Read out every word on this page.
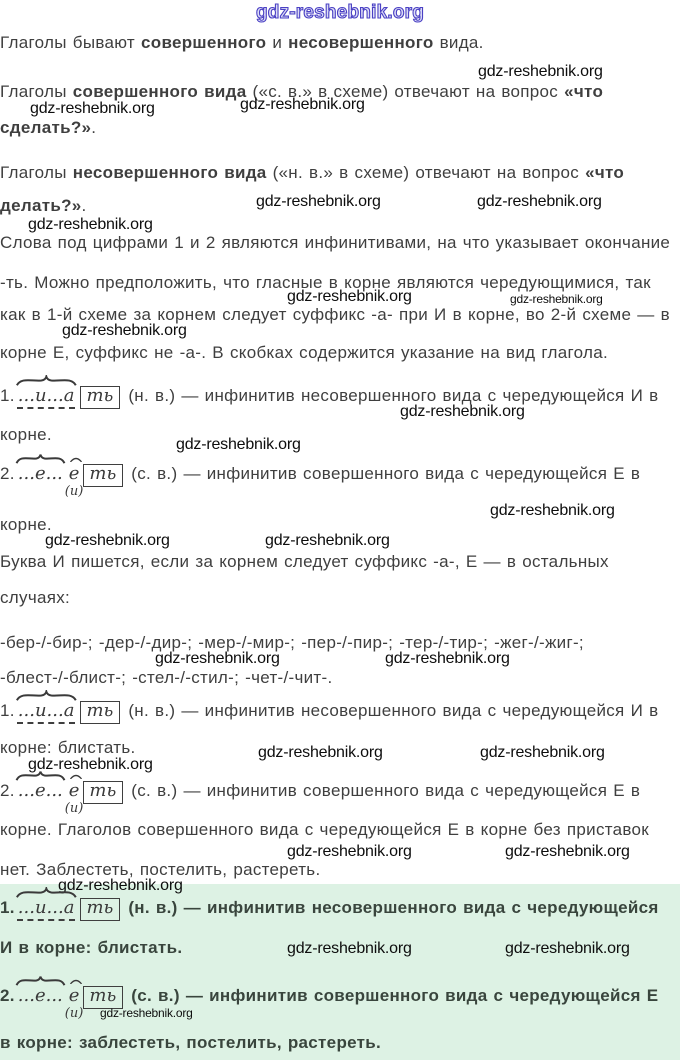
gdz-reshebnik.org
Глаголы бывают совершенного и несовершенного вида.
gdz-reshebnik.org
Глаголы совершенного вида («с. в.» в схеме) отвечают на вопрос «что
gdz-reshebnik.org
gdz-reshebnik.org
сделать?».
Глаголы несовершенного вида («н. в.» в схеме) отвечают на вопрос «что
gdz-reshebnik.org	gdz-reshebnik.org
делать?».
gdz-reshebnik.org
Слова под цифрами 1 и 2 являются инфинитивами, на что указывает окончание
-ть. Можно предположить, что гласные в корне являются чередующимися, так
gdz-reshebnik.org	gdz-reshebnik.org
как в 1-й схеме за корнем следует суффикс -а- при И в корне, во 2-й схеме — в
gdz-reshebnik.org
корне Е, суффикс не -а-. В скобках содержится указание на вид глагола.
1. ...и...а ть (н. в.) — инфинитив несовершенного вида с чередующейся И в
gdz-reshebnik.org
корне.
gdz-reshebnik.org
2. ...е... е
(и)
ть (с. в.) — инфинитив совершенного вида с чередующейся Е в
gdz-reshebnik.org
корне.
gdz-reshebnik.org	gdz-reshebnik.org
Буква И пишется, если за корнем следует суффикс -а-, Е — в остальных
случаях:
-бер-/-бир-; -дер-/-дир-; -мер-/-мир-; -пер-/-пир-; -тер-/-тир-; -жег-/-жиг-;
gdz-reshebnik.org	gdz-reshebnik.org
-блест-/-блист-; -стел-/-стил-; -чет-/-чит-.
1. ...и...а ть (н. в.) — инфинитив несовершенного вида с чередующейся И в
корне: блистать.	gdz-reshebnik.org	gdz-reshebnik.org
gdz-reshebnik.org
2. ...е... е
(и)
ть (с. в.) — инфинитив совершенного вида с чередующейся Е в
корне. Глаголов совершенного вида с чередующейся Е в корне без приставок
gdz-reshebnik.org	gdz-reshebnik.org
нет. Заблестеть, постелить, растереть.
gdz-reshebnik.org
1. ...и...а ть (н. в.) — инфинитив несовершенного вида с чередующейся
И в корне: блистать.	gdz-reshebnik.org	gdz-reshebnik.org
2. ...е... е
(и)
ть (с. в.) — инфинитив совершенного вида с чередующейся Е
gdz-reshebnik.org
в корне: заблестеть, постелить, растереть.
